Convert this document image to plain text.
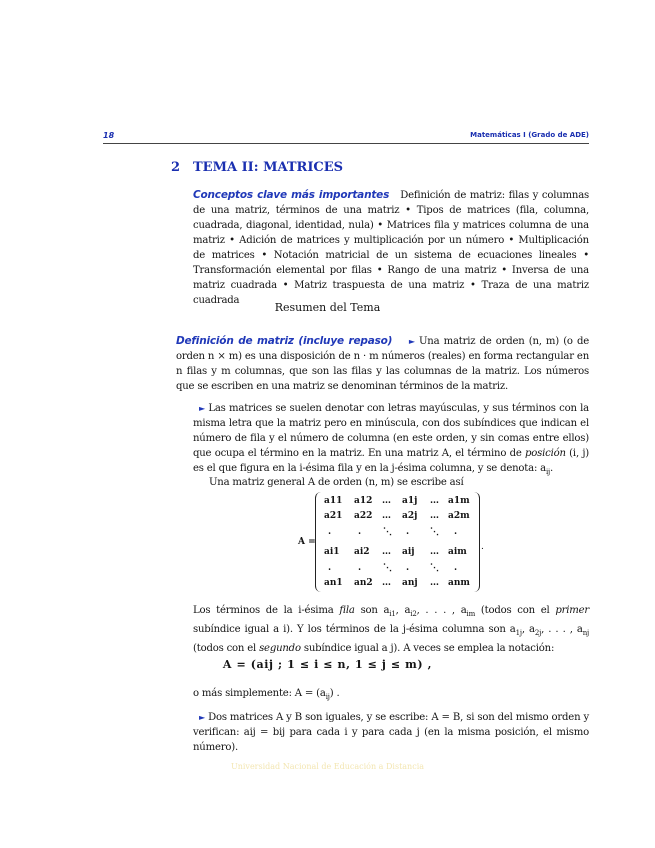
18	Matemáticas I (Grado de ADE)
2 TEMA II: MATRICES
Conceptos clave más importantes Definición de matriz: filas y columnas de una matriz, términos de una matriz • Tipos de matrices (fila, columna, cuadrada, diagonal, identidad, nula) • Matrices fila y matrices columna de una matriz • Adición de matrices y multiplicación por un número • Multiplicación de matrices • Notación matricial de un sistema de ecuaciones lineales • Transformación elemental por filas • Rango de una matriz • Inversa de una matriz cuadrada • Matriz traspuesta de una matriz • Traza de una matriz cuadrada
Resumen del Tema
Definición de matriz (incluye repaso) ► Una matriz de orden (n, m) (o de orden n × m) es una disposición de n · m números (reales) en forma rectangular en n filas y m columnas, que son las filas y las columnas de la matriz. Los números que se escriben en una matriz se denominan términos de la matriz.
► Las matrices se suelen denotar con letras mayúsculas, y sus términos con la misma letra que la matriz pero en minúscula, con dos subíndices que indican el número de fila y el número de columna (en este orden, y sin comas entre ellos) que ocupa el término en la matriz. En una matriz A, el término de posición (i, j) es el que figura en la i-ésima fila y en la j-ésima columna, y se denota: $a_{ij}$.
Una matriz general A de orden (n, m) se escribe así
A =	.
a11 a12 … a1j … a1m
a21 a22 … a2j … a2m
.	. ⋱ . ⋱ .
ai1 ai2 … aij … aim
.	. ⋱ . ⋱ .
an1 an2 … anj … anm
Los términos de la i-ésima fila son $a_{i1}$, $a_{i2}$, . . . , $a_{im}$ (todos con el primer subíndice igual a i). Y los términos de la j-ésima columna son $a_{1j}$, $a_{2j}$, . . . , $a_{nj}$ (todos con el segundo subíndice igual a j). A veces se emplea la notación:
A = (aij ; 1 ≤ i ≤ n, 1 ≤ j ≤ m) ,
o más simplemente: $A = (a_{ij})$ .
► Dos matrices A y B son iguales, y se escribe: A = B, si son del mismo orden y verifican: aij = bij para cada i y para cada j (en la misma posición, el mismo número).
Universidad Nacional de Educación a Distancia
